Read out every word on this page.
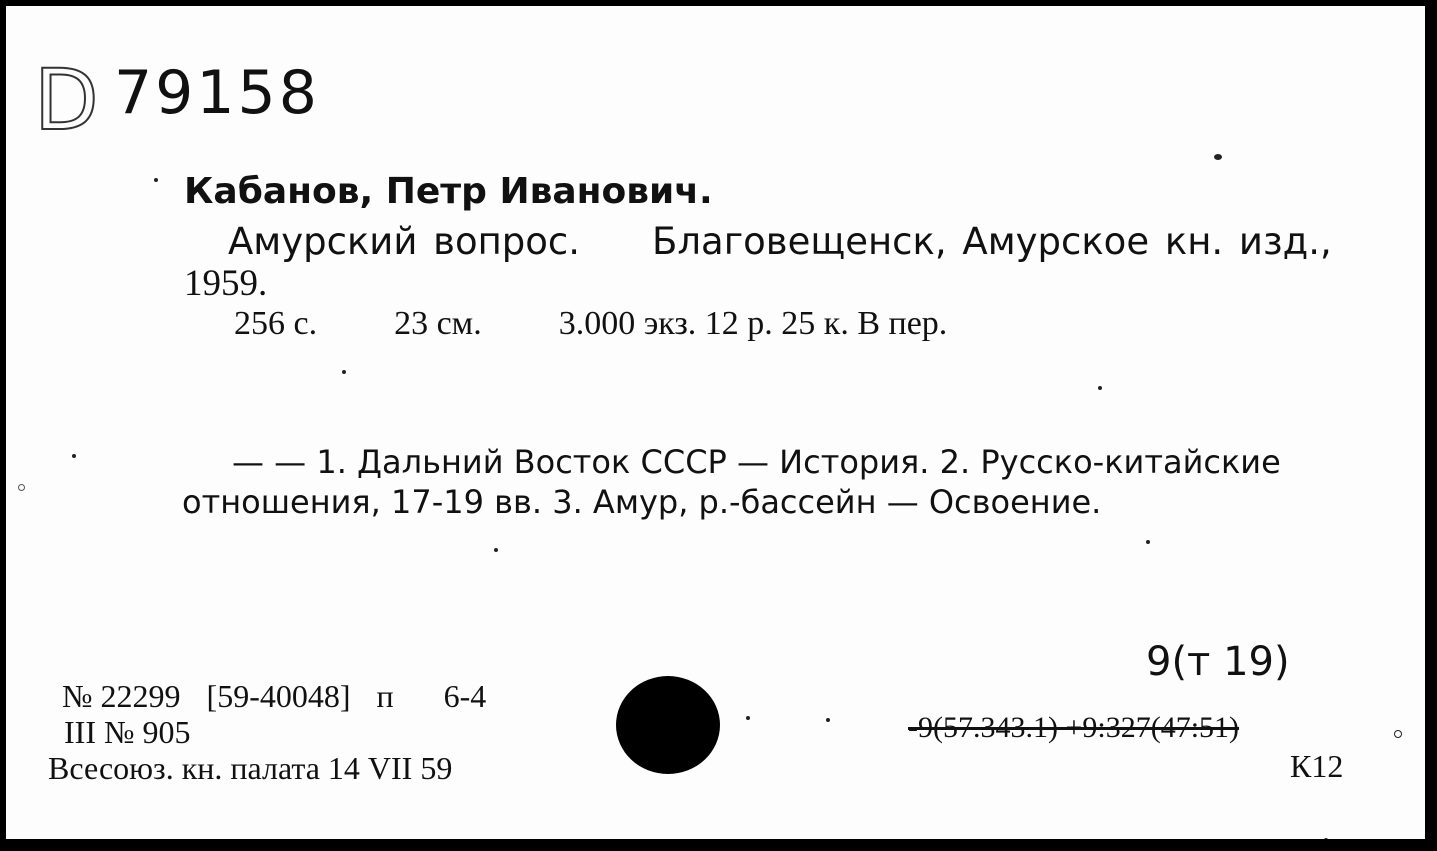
D 79158
Кабанов, Петр Иванович.
Амурский вопрос. Благовещенск, Амурское кн. изд.,
1959.
256 с. 23 см. 3.000 экз. 12 р. 25 к. В пер.
— — 1. Дальний Восток СССР — История. 2. Русско-китайские
отношения, 17-19 вв. 3. Амур, р.-бассейн — Освоение.
№ 22299 [59-40048] п 6-4
III № 905
Всесоюз. кн. палата 14 VII 59
9(т 19)
-9(57.343.1) +9:327(47:51)
К12
